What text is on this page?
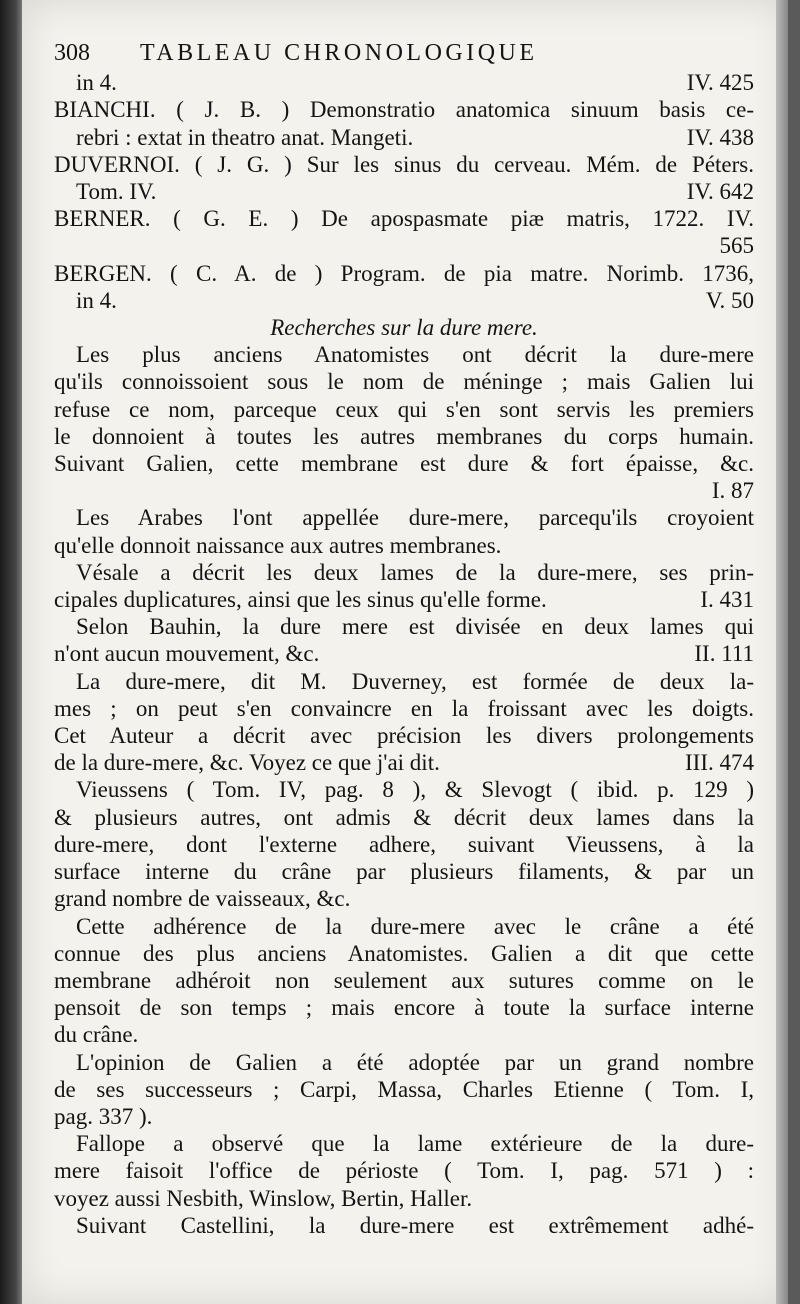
308	TABLEAU CHRONOLOGIQUE
in 4.	IV. 425
BIANCHI. ( J. B. ) Demonstratio anatomica sinuum basis ce-
rebri : extat in theatro anat. Mangeti.	IV. 438
DUVERNOI. ( J. G. ) Sur les sinus du cerveau. Mém. de Péters.
Tom. IV.	IV. 642
BERNER. ( G. E. ) De apospasmate piæ matris, 1722. IV.
565
BERGEN. ( C. A. de ) Program. de pia matre. Norimb. 1736,
in 4.	V. 50
Recherches sur la dure mere.
Les plus anciens Anatomistes ont décrit la dure-mere
qu'ils connoissoient sous le nom de méninge ; mais Galien lui
refuse ce nom, parceque ceux qui s'en sont servis les premiers
le donnoient à toutes les autres membranes du corps humain.
Suivant Galien, cette membrane est dure & fort épaisse, &c.
I. 87
Les Arabes l'ont appellée dure-mere, parcequ'ils croyoient
qu'elle donnoit naissance aux autres membranes.
Vésale a décrit les deux lames de la dure-mere, ses prin-
cipales duplicatures, ainsi que les sinus qu'elle forme.	I. 431
Selon Bauhin, la dure mere est divisée en deux lames qui
n'ont aucun mouvement, &c.	II. 111
La dure-mere, dit M. Duverney, est formée de deux la-
mes ; on peut s'en convaincre en la froissant avec les doigts.
Cet Auteur a décrit avec précision les divers prolongements
de la dure-mere, &c. Voyez ce que j'ai dit.	III. 474
Vieussens ( Tom. IV, pag. 8 ), & Slevogt ( ibid. p. 129 )
& plusieurs autres, ont admis & décrit deux lames dans la
dure-mere, dont l'externe adhere, suivant Vieussens, à la
surface interne du crâne par plusieurs filaments, & par un
grand nombre de vaisseaux, &c.
Cette adhérence de la dure-mere avec le crâne a été
connue des plus anciens Anatomistes. Galien a dit que cette
membrane adhéroit non seulement aux sutures comme on le
pensoit de son temps ; mais encore à toute la surface interne
du crâne.
L'opinion de Galien a été adoptée par un grand nombre
de ses successeurs ; Carpi, Massa, Charles Etienne ( Tom. I,
pag. 337 ).
Fallope a observé que la lame extérieure de la dure-
mere faisoit l'office de périoste ( Tom. I, pag. 571 ) :
voyez aussi Nesbith, Winslow, Bertin, Haller.
Suivant Castellini, la dure-mere est extrêmement adhé-
